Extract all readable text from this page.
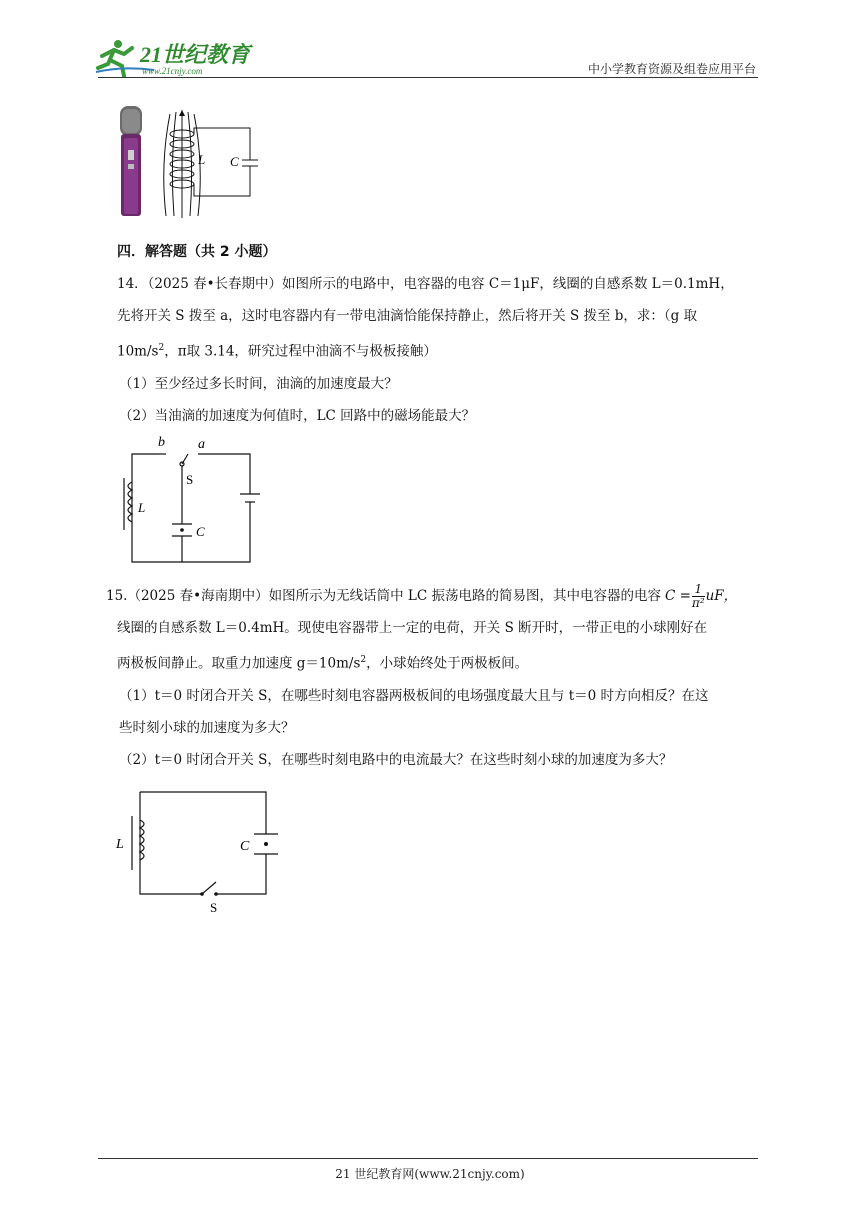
21世纪教育
www.21cnjy.com	中小学教育资源及组卷应用平台
L C
四．解答题（共 2 小题）
14．（2025 春•长春期中）如图所示的电路中，电容器的电容 C＝1μF，线圈的自感系数 L＝0.1mH，
先将开关 S 拨至 a，这时电容器内有一带电油滴恰能保持静止，然后将开关 S 拨至 b，求：（g 取
$10m/s^2$，π取 3.14，研究过程中油滴不与极板接触）
（1）至少经过多长时间，油滴的加速度最大？
（2）当油滴的加速度为何值时，LC 回路中的磁场能最大？
b a
S
L
C
15.（2025 春•海南期中）如图所示为无线话筒中 LC 振荡电路的简易图，其中电容器的电容 $C = \frac{1}{\text{π²}}$ uF，
线圈的自感系数 L＝0.4mH。现使电容器带上一定的电荷，开关 S 断开时，一带正电的小球刚好在
两极板间静止。取重力加速度 $g=10m/s^2$，小球始终处于两极板间。
（1）t＝0 时闭合开关 S，在哪些时刻电容器两极板间的电场强度最大且与 t＝0 时方向相反？在这
些时刻小球的加速度为多大？
（2）t＝0 时闭合开关 S，在哪些时刻电路中的电流最大？在这些时刻小球的加速度为多大？
L	C
S
21 世纪教育网(www.21cnjy.com)
